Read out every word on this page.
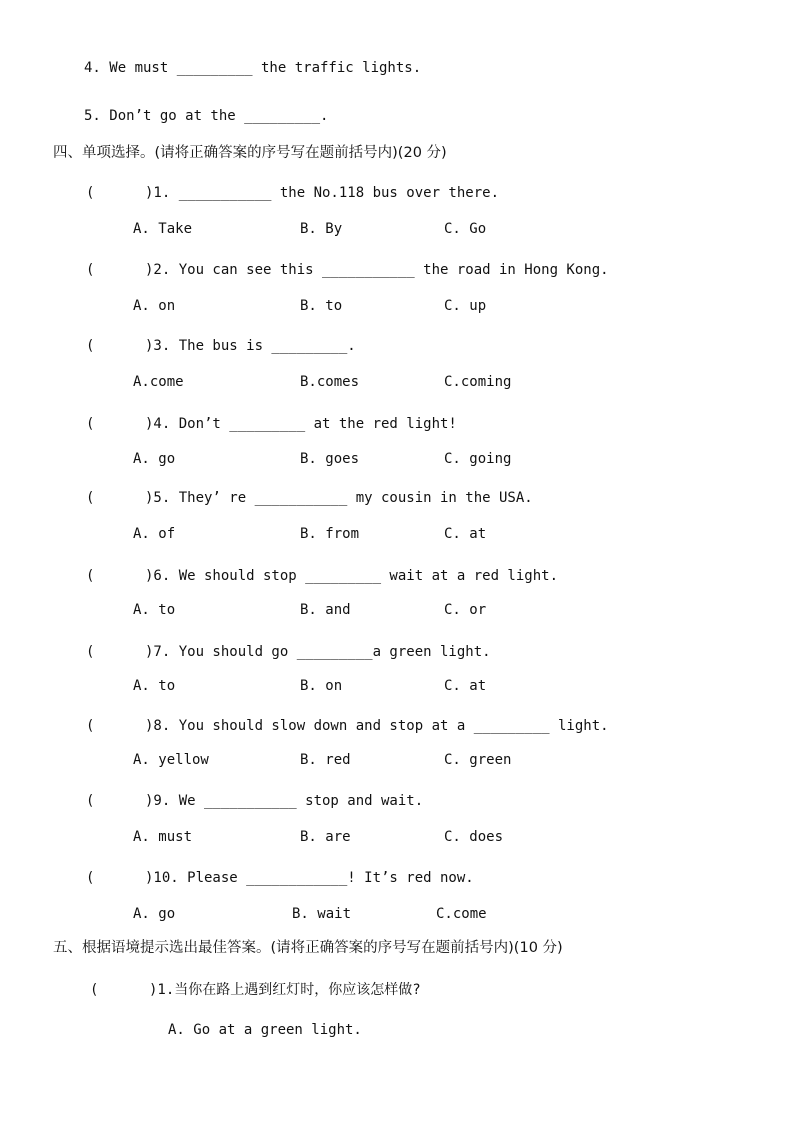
4. We must _________ the traffic lights.
5. Don’t go at the _________.
四、单项选择。(请将正确答案的序号写在题前括号内)(20 分)
(      )1. ___________ the No.118 bus over there.
A. Take	B. By	C. Go
(      )2. You can see this ___________ the road in Hong Kong.
A. on	B. to	C. up
(      )3. The bus is _________.
A.come	B.comes	C.coming
(      )4. Don’t _________ at the red light!
A. go	B. goes	C. going
(      )5. They’ re ___________ my cousin in the USA.
A. of	B. from	C. at
(      )6. We should stop _________ wait at a red light.
A. to	B. and	C. or
(      )7. You should go _________a green light.
A. to	B. on	C. at
(      )8. You should slow down and stop at a _________ light.
A. yellow	B. red	C. green
(      )9. We ___________ stop and wait.
A. must	B. are	C. does
(      )10. Please ____________! It’s red now.
A. go	B. wait	C.come
五、根据语境提示选出最佳答案。(请将正确答案的序号写在题前括号内)(10 分)
(      )1.当你在路上遇到红灯时，你应该怎样做?
A. Go at a green light.
